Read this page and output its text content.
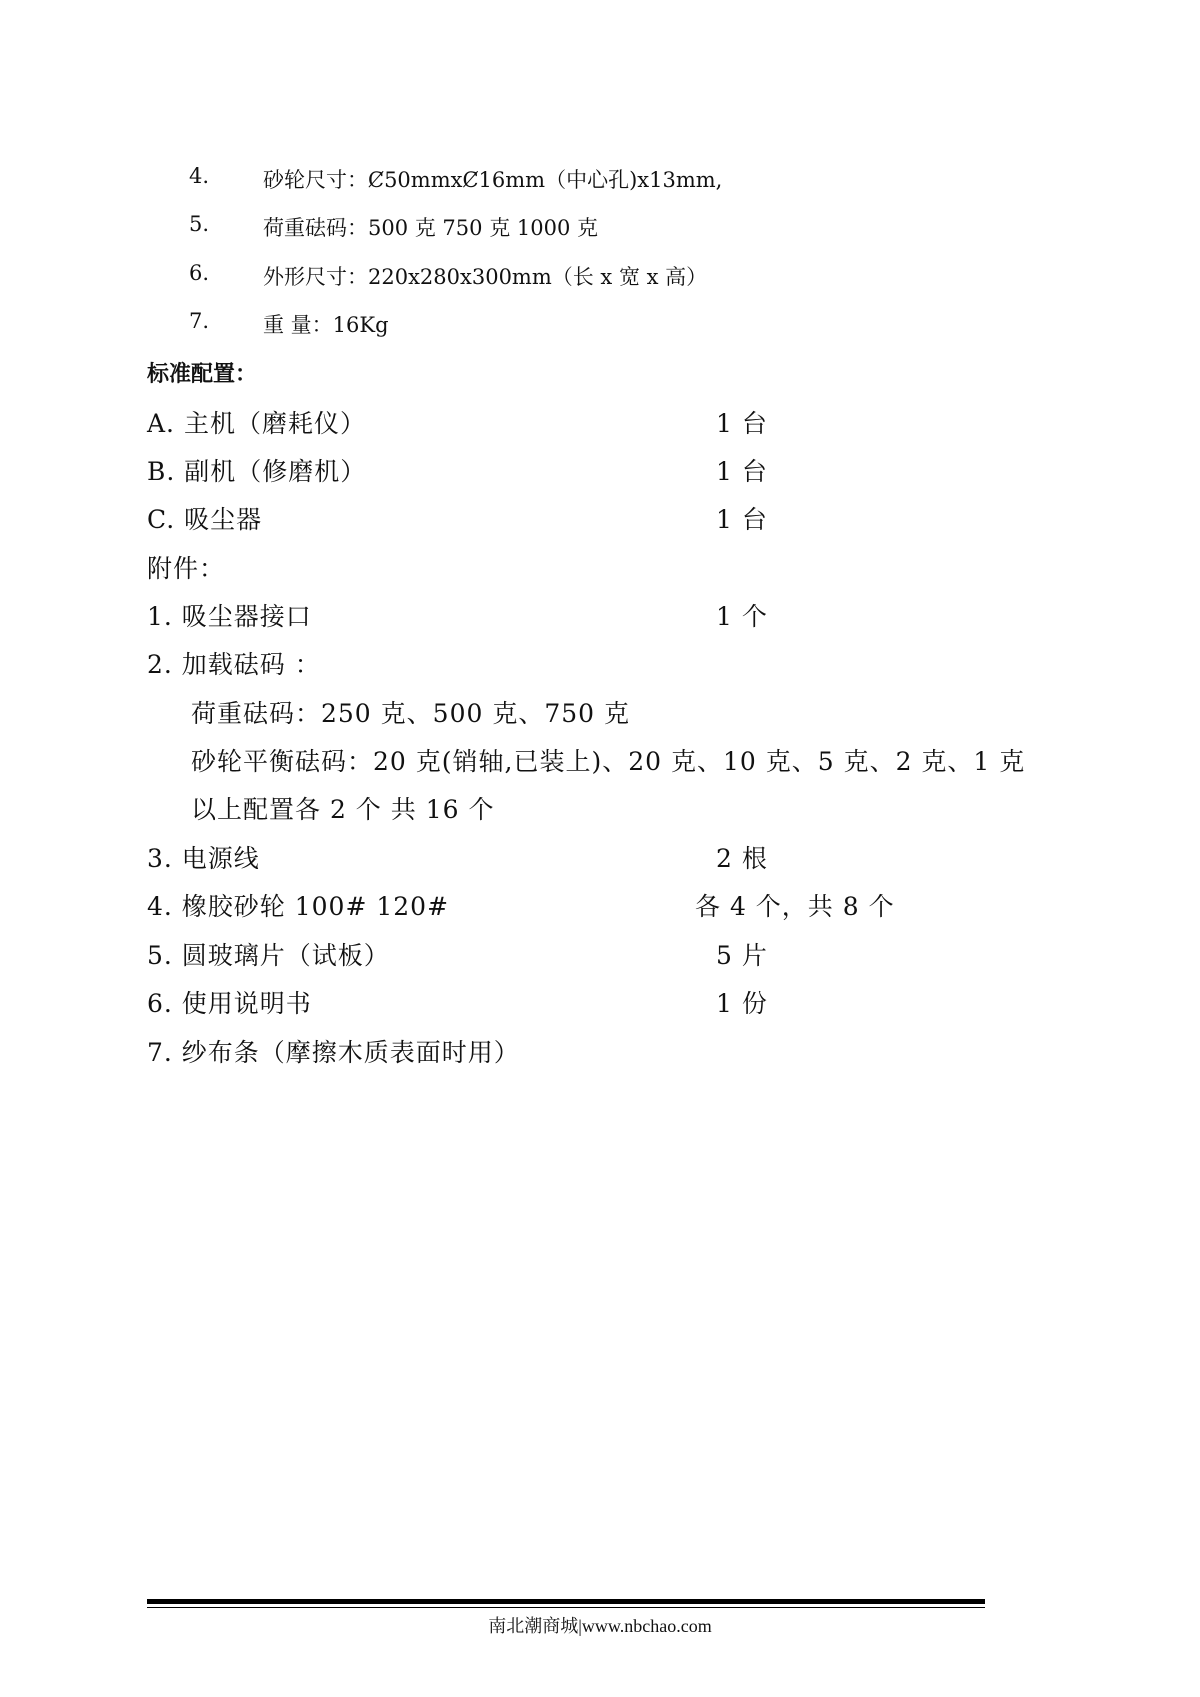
4.	砂轮尺寸：Ȼ50mmxȻ16mm（中心孔)x13mm,
5.	荷重砝码：500 克 750 克 1000 克
6.	外形尺寸：220x280x300mm（长 x 宽 x 高）
7.	重 量：16Kg
标准配置：
A. 主机（磨耗仪）	1 台
B. 副机（修磨机）	1 台
C. 吸尘器	1 台
附件：
1. 吸尘器接口	1 个
2. 加载砝码 ：
荷重砝码：250 克、500 克、750 克
砂轮平衡砝码：20 克(销轴,已装上)、20 克、10 克、5 克、2 克、1 克
以上配置各 2 个 共 16 个
3. 电源线	2 根
4. 橡胶砂轮 100# 120#	各 4 个，共 8 个
5. 圆玻璃片（试板）	5 片
6. 使用说明书	1 份
7. 纱布条（摩擦木质表面时用）
南北潮商城|www.nbchao.com
